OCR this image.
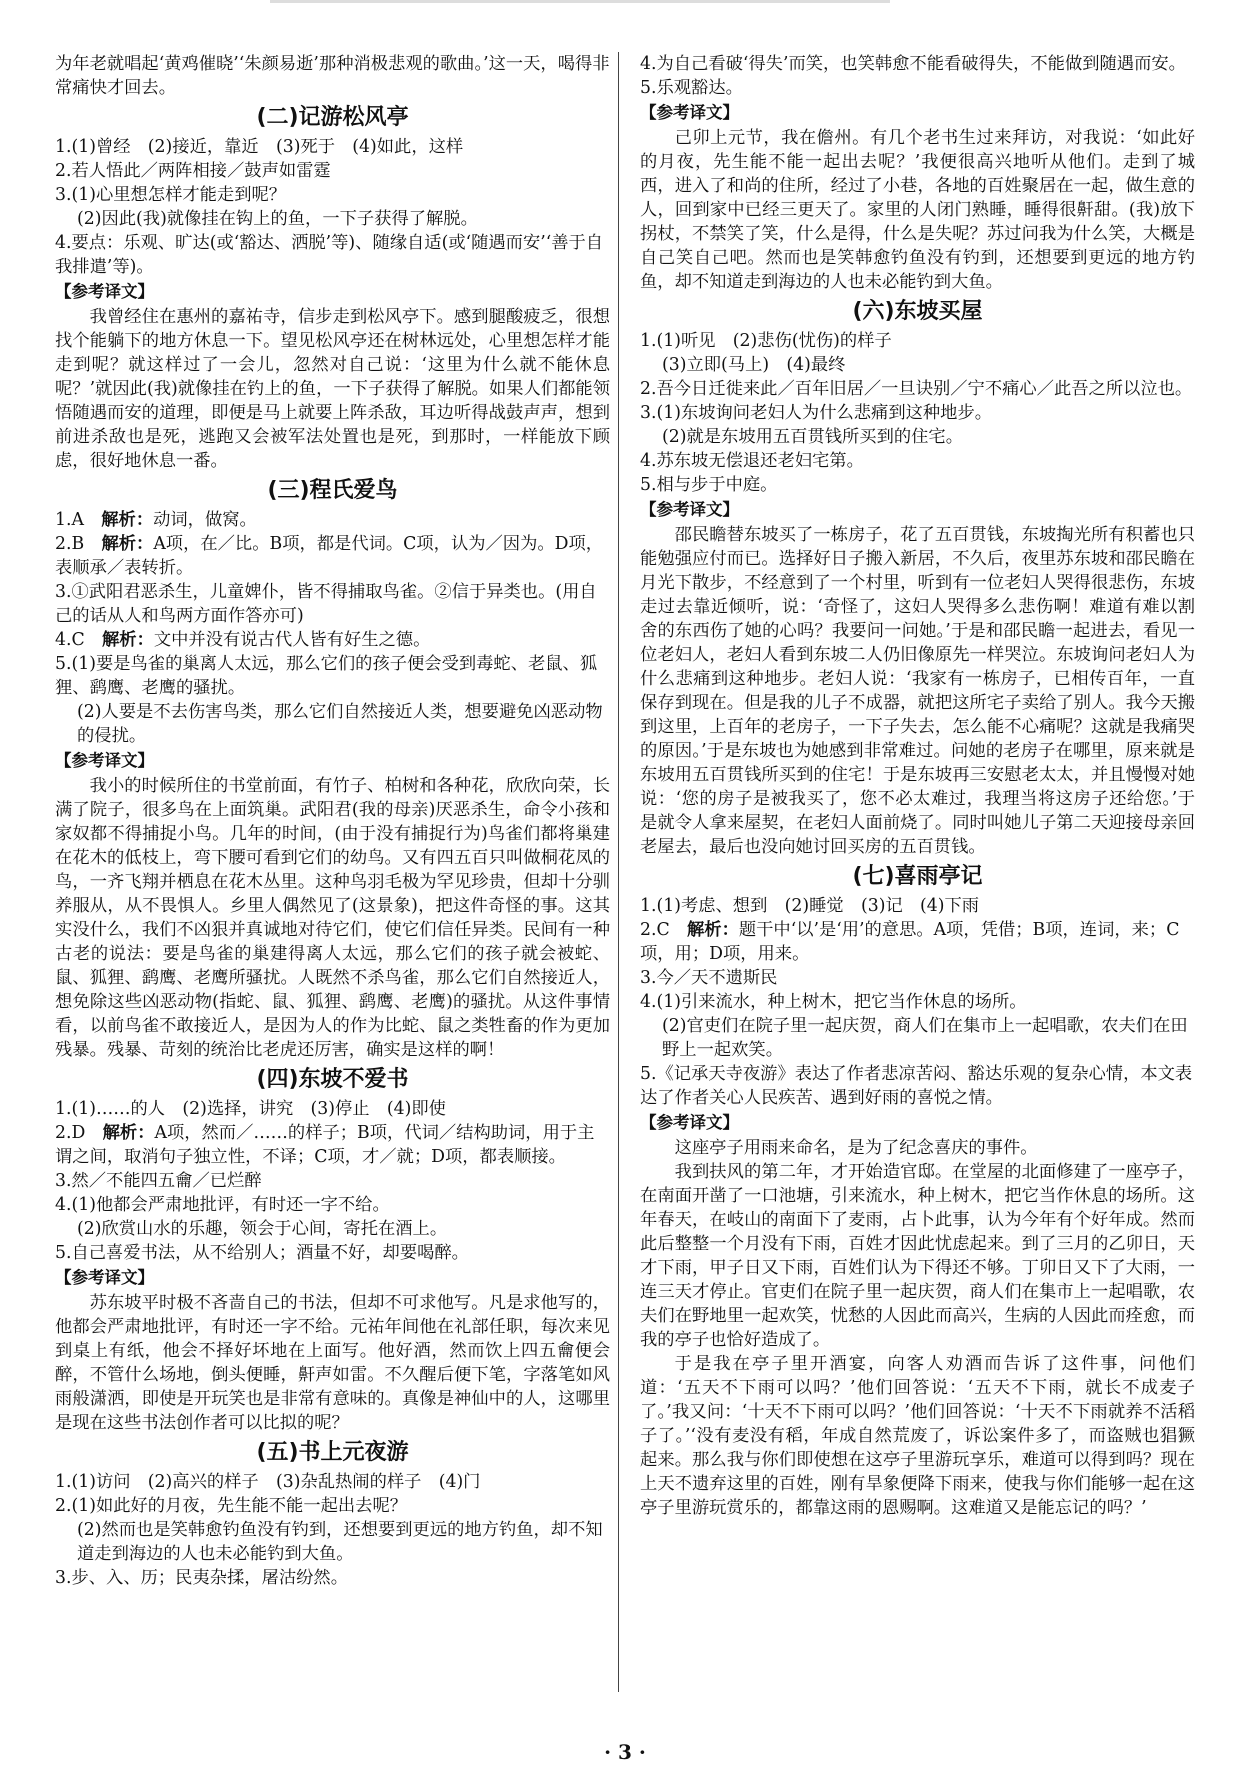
为年老就唱起‘黄鸡催晓’‘朱颜易逝’那种消极悲观的歌曲。’这一天，喝得非常痛快才回去。

(二)记游松风亭

1.(1)曾经　(2)接近，靠近　(3)死于　(4)如此，这样

2.若人悟此／两阵相接／鼓声如雷霆

3.(1)心里想怎样才能走到呢？

(2)因此(我)就像挂在钩上的鱼，一下子获得了解脱。

4.要点：乐观、旷达(或‘豁达、洒脱’等)、随缘自适(或‘随遇而安’‘善于自我排遣’等)。

【 参考译文 】

我曾经住在惠州的嘉祐寺，信步走到松风亭下。感到腿酸疲乏，很想找个能躺下的地方休息一下。望见松风亭还在树林远处，心里想怎样才能走到呢？就这样过了一会儿，忽然对自己说：‘这里为什么就不能休息呢？’就因此(我)就像挂在钓上的鱼，一下子获得了解脱。如果人们都能领悟随遇而安的道理，即便是马上就要上阵杀敌，耳边听得战鼓声声，想到前进杀敌也是死，逃跑又会被军法处置也是死，到那时，一样能放下顾虑，很好地休息一番。

(三)程氏爱鸟

1.A　解析：动词，做窝。

2.B　解析：A项，在／比。B项，都是代词。C项，认为／因为。D项，表顺承／表转折。

3.①武阳君恶杀生，儿童婢仆，皆不得捕取鸟雀。②信于异类也。(用自己的话从人和鸟两方面作答亦可)

4.C　解析：文中并没有说古代人皆有好生之德。

5.(1)要是鸟雀的巢离人太远，那么它们的孩子便会受到毒蛇、老鼠、狐狸、鹞鹰、老鹰的骚扰。

(2)人要是不去伤害鸟类，那么它们自然接近人类，想要避免凶恶动物的侵扰。

【 参考译文 】

我小的时候所住的书堂前面，有竹子、柏树和各种花，欣欣向荣，长满了院子，很多鸟在上面筑巢。武阳君(我的母亲)厌恶杀生，命令小孩和家奴都不得捕捉小鸟。几年的时间，(由于没有捕捉行为)鸟雀们都将巢建在花木的低枝上，弯下腰可看到它们的幼鸟。又有四五百只叫做桐花凤的鸟，一齐飞翔并栖息在花木丛里。这种鸟羽毛极为罕见珍贵，但却十分驯养服从，从不畏惧人。乡里人偶然见了(这景象)，把这件奇怪的事。这其实没什么，我们不凶狠并真诚地对待它们，使它们信任异类。民间有一种古老的说法：要是鸟雀的巢建得离人太远，那么它们的孩子就会被蛇、鼠、狐狸、鹞鹰、老鹰所骚扰。人既然不杀鸟雀，那么它们自然接近人，想免除这些凶恶动物(指蛇、鼠、狐狸、鹞鹰、老鹰)的骚扰。从这件事情看，以前鸟雀不敢接近人，是因为人的作为比蛇、鼠之类牲畜的作为更加残暴。残暴、苛刻的统治比老虎还厉害，确实是这样的啊！

(四)东坡不爱书

1.(1)……的人　(2)选择，讲究　(3)停止　(4)即使

2.D　解析：A项，然而／……的样子；B项，代词／结构助词，用于主谓之间，取消句子独立性，不译；C项，才／就；D项，都表顺接。

3.然／不能四五龠／已烂醉

4.(1)他都会严肃地批评，有时还一字不给。

(2)欣赏山水的乐趣，领会于心间，寄托在酒上。

5.自己喜爱书法，从不给别人；酒量不好，却要喝醉。

【 参考译文 】

苏东坡平时极不吝啬自己的书法，但却不可求他写。凡是求他写的，他都会严肃地批评，有时还一字不给。元祐年间他在礼部任职，每次来见到桌上有纸，他会不择好坏地在上面写。他好酒，然而饮上四五龠便会醉，不管什么场地，倒头便睡，鼾声如雷。不久醒后便下笔，字落笔如风雨般潇洒，即使是开玩笑也是非常有意味的。真像是神仙中的人，这哪里是现在这些书法创作者可以比拟的呢？

(五)书上元夜游

1.(1)访问　(2)高兴的样子　(3)杂乱热闹的样子　(4)门

2.(1)如此好的月夜，先生能不能一起出去呢？

(2)然而也是笑韩愈钓鱼没有钓到，还想要到更远的地方钓鱼，却不知道走到海边的人也未必能钓到大鱼。

3.步、入、历；民夷杂揉，屠沽纷然。

4.为自己看破‘得失’而笑，也笑韩愈不能看破得失，不能做到随遇而安。

5.乐观豁达。

【 参考译文 】

己卯上元节，我在儋州。有几个老书生过来拜访，对我说：‘如此好的月夜，先生能不能一起出去呢？’我便很高兴地听从他们。走到了城西，进入了和尚的住所，经过了小巷，各地的百姓聚居在一起，做生意的人，回到家中已经三更天了。家里的人闭门熟睡，睡得很鼾甜。(我)放下拐杖，不禁笑了笑，什么是得，什么是失呢？苏过问我为什么笑，大概是自己笑自己吧。然而也是笑韩愈钓鱼没有钓到，还想要到更远的地方钓鱼，却不知道走到海边的人也未必能钓到大鱼。

(六)东坡买屋

1.(1)听见　(2)悲伤(忧伤)的样子

(3)立即(马上)　(4)最终

2.吾今日迁徙来此／百年旧居／一旦诀别／宁不痛心／此吾之所以泣也。

3.(1)东坡询问老妇人为什么悲痛到这种地步。

(2)就是东坡用五百贯钱所买到的住宅。

4.苏东坡无偿退还老妇宅第。

5.相与步于中庭。

【 参考译文 】

邵民瞻替东坡买了一栋房子，花了五百贯钱，东坡掏光所有积蓄也只能勉强应付而已。选择好日子搬入新居，不久后，夜里苏东坡和邵民瞻在月光下散步，不经意到了一个村里，听到有一位老妇人哭得很悲伤，东坡走过去靠近倾听，说：‘奇怪了，这妇人哭得多么悲伤啊！难道有难以割舍的东西伤了她的心吗？我要问一问她。’于是和邵民瞻一起进去，看见一位老妇人，老妇人看到东坡二人仍旧像原先一样哭泣。东坡询问老妇人为什么悲痛到这种地步。老妇人说：‘我家有一栋房子，已相传百年，一直保存到现在。但是我的儿子不成器，就把这所宅子卖给了别人。我今天搬到这里，上百年的老房子，一下子失去，怎么能不心痛呢？这就是我痛哭的原因。’于是东坡也为她感到非常难过。问她的老房子在哪里，原来就是东坡用五百贯钱所买到的住宅！于是东坡再三安慰老太太，并且慢慢对她说：‘您的房子是被我买了，您不必太难过，我理当将这房子还给您。’于是就令人拿来屋契，在老妇人面前烧了。同时叫她儿子第二天迎接母亲回老屋去，最后也没向她讨回买房的五百贯钱。

(七)喜雨亭记

1.(1)考虑、想到　(2)睡觉　(3)记　(4)下雨

2.C　解析：题干中‘以’是‘用’的意思。A项，凭借；B项，连词，来；C项，用；D项，用来。

3.今／天不遗斯民

4.(1)引来流水，种上树木，把它当作休息的场所。

(2)官吏们在院子里一起庆贺，商人们在集市上一起唱歌，农夫们在田野上一起欢笑。

5.《记承天寺夜游》表达了作者悲凉苦闷、豁达乐观的复杂心情，本文表达了作者关心人民疾苦、遇到好雨的喜悦之情。

【 参考译文 】

这座亭子用雨来命名，是为了纪念喜庆的事件。

我到扶风的第二年，才开始造官邸。在堂屋的北面修建了一座亭子，在南面开凿了一口池塘，引来流水，种上树木，把它当作休息的场所。这年春天，在岐山的南面下了麦雨，占卜此事，认为今年有个好年成。然而此后整整一个月没有下雨，百姓才因此忧虑起来。到了三月的乙卯日，天才下雨，甲子日又下雨，百姓们认为下得还不够。丁卯日又下了大雨，一连三天才停止。官吏们在院子里一起庆贺，商人们在集市上一起唱歌，农夫们在野地里一起欢笑，忧愁的人因此而高兴，生病的人因此而痊愈，而我的亭子也恰好造成了。

于是我在亭子里开酒宴，向客人劝酒而告诉了这件事，问他们道：‘五天不下雨可以吗？’他们回答说：‘五天不下雨，就长不成麦子了。’我又问：‘十天不下雨可以吗？’他们回答说：‘十天不下雨就养不活稻子了。’‘没有麦没有稻，年成自然荒废了，诉讼案件多了，而盗贼也猖獗起来。那么我与你们即使想在这亭子里游玩享乐，难道可以得到吗？现在上天不遗弃这里的百姓，刚有旱象便降下雨来，使我与你们能够一起在这亭子里游玩赏乐的，都靠这雨的恩赐啊。这难道又是能忘记的吗？’

· 3 ·
